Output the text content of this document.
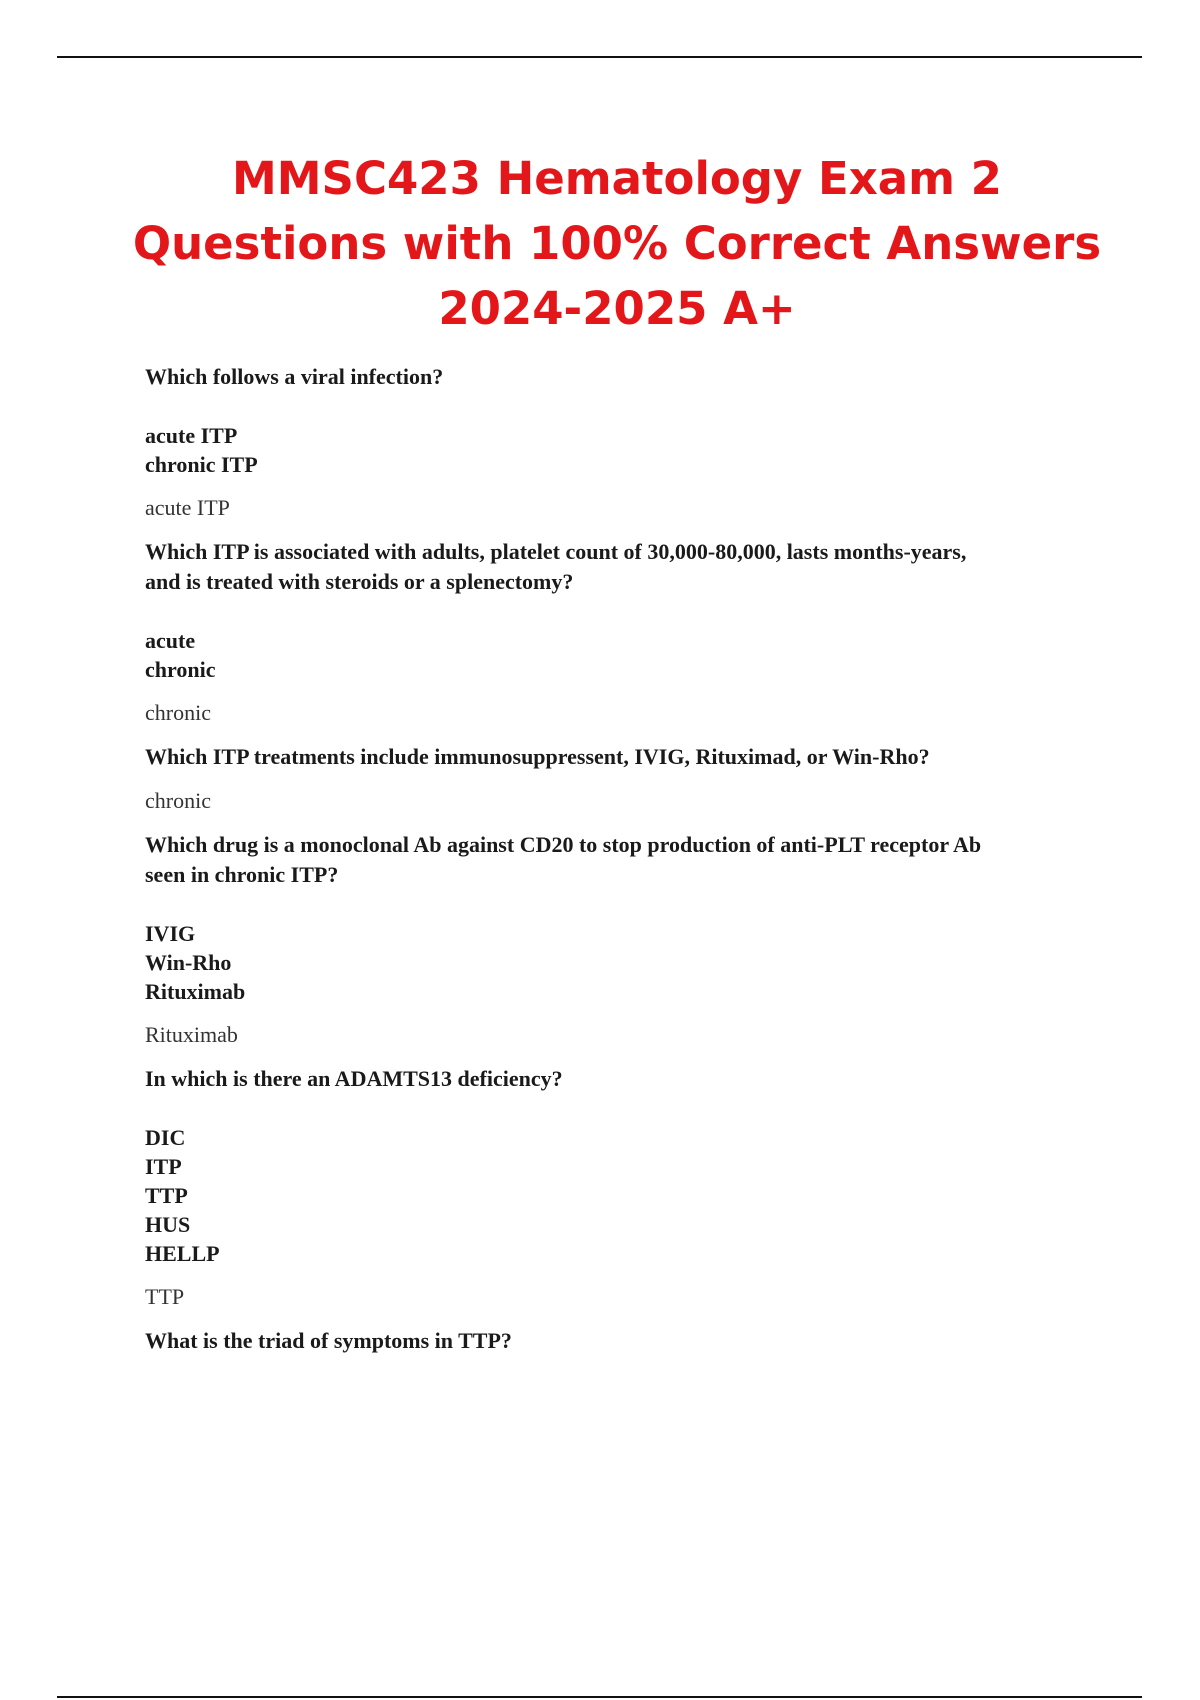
MMSC423 Hematology Exam 2
Questions with 100% Correct Answers
2024-2025 A+
Which follows a viral infection?
acute ITP
chronic ITP
acute ITP
Which ITP is associated with adults, platelet count of 30,000-80,000, lasts months-years,
and is treated with steroids or a splenectomy?
acute
chronic
chronic
Which ITP treatments include immunosuppressent, IVIG, Rituximad, or Win-Rho?
chronic
Which drug is a monoclonal Ab against CD20 to stop production of anti-PLT receptor Ab
seen in chronic ITP?
IVIG
Win-Rho
Rituximab
Rituximab
In which is there an ADAMTS13 deficiency?
DIC
ITP
TTP
HUS
HELLP
TTP
What is the triad of symptoms in TTP?
